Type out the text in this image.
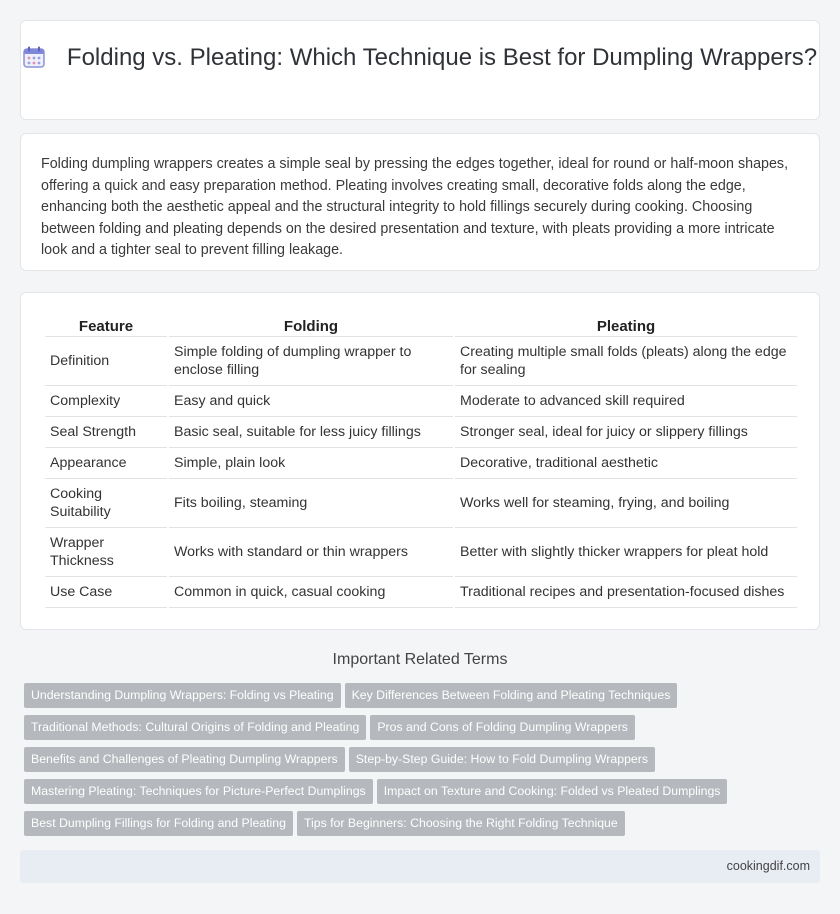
Folding vs. Pleating: Which Technique is Best for Dumpling Wrappers?

Folding dumpling wrappers creates a simple seal by pressing the edges together, ideal for round or half-moon shapes, offering a quick and easy preparation method. Pleating involves creating small, decorative folds along the edge, enhancing both the aesthetic appeal and the structural integrity to hold fillings securely during cooking. Choosing between folding and pleating depends on the desired presentation and texture, with pleats providing a more intricate look and a tighter seal to prevent filling leakage.

Feature	Folding	Pleating
Definition	Simple folding of dumpling wrapper to enclose filling	Creating multiple small folds (pleats) along the edge for sealing
Complexity	Easy and quick	Moderate to advanced skill required
Seal Strength	Basic seal, suitable for less juicy fillings	Stronger seal, ideal for juicy or slippery fillings
Appearance	Simple, plain look	Decorative, traditional aesthetic
Cooking Suitability	Fits boiling, steaming	Works well for steaming, frying, and boiling
Wrapper Thickness	Works with standard or thin wrappers	Better with slightly thicker wrappers for pleat hold
Use Case	Common in quick, casual cooking	Traditional recipes and presentation-focused dishes
Important Related Terms
Understanding Dumpling Wrappers: Folding vs Pleating Key Differences Between Folding and Pleating Techniques
Traditional Methods: Cultural Origins of Folding and Pleating Pros and Cons of Folding Dumpling Wrappers
Benefits and Challenges of Pleating Dumpling Wrappers Step-by-Step Guide: How to Fold Dumpling Wrappers
Mastering Pleating: Techniques for Picture-Perfect Dumplings Impact on Texture and Cooking: Folded vs Pleated Dumplings
Best Dumpling Fillings for Folding and Pleating Tips for Beginners: Choosing the Right Folding Technique
cookingdif.com
